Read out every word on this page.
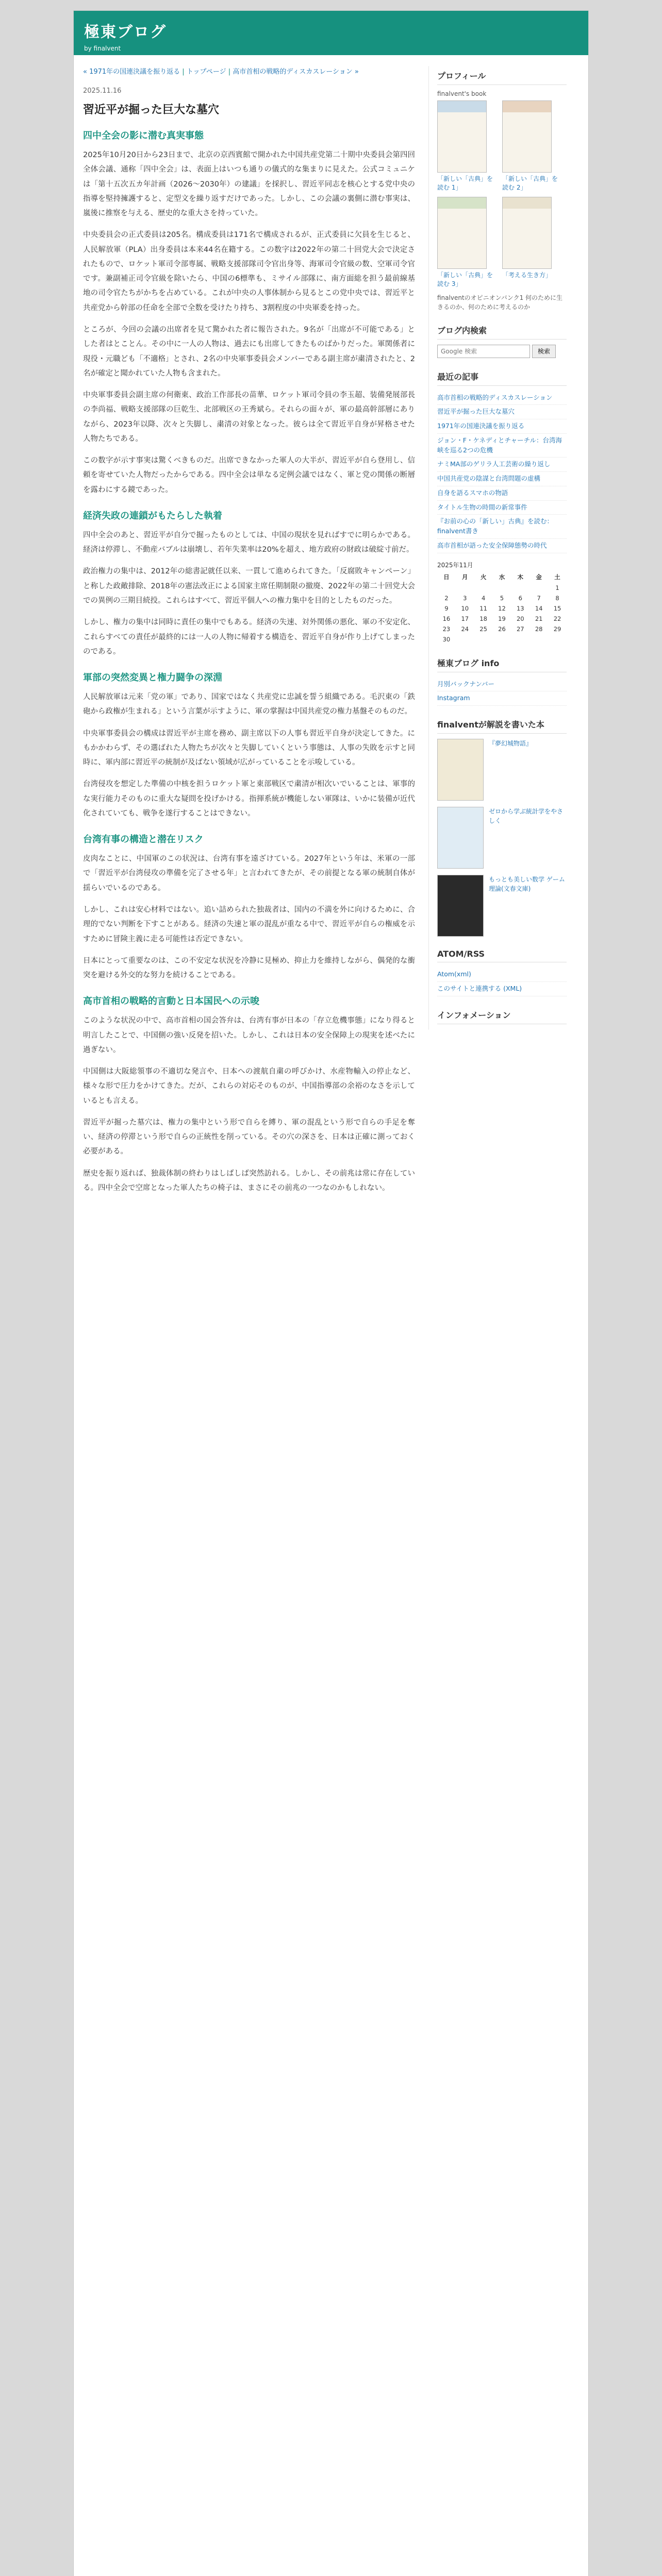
極東ブログ
by finalvent
« 1971年の国連決議を振り返る | トップページ | 高市首相の戦略的ディスカスレーション »
2025.11.16
習近平が掘った巨大な墓穴
四中全会の影に潜む真実事態

2025年10月20日から23日まで、北京の京西賓館で開かれた中国共産党第二十期中央委員会第四回全体会議、通称「四中全会」は、表面上はいつも通りの儀式的な集まりに見えた。公式コミュニケは「第十五次五カ年計画（2026〜2030年）の建議」を採択し、習近平同志を核心とする党中央の指導を堅持擁護すると、定型文を繰り返すだけであった。しかし、この会議の裏側に潜む事実は、嵐後に推察を与える、歴史的な重大さを持っていた。

中央委員会の正式委員は205名。構成委員は171名で構成されるが、正式委員に欠員を生じると、人民解放軍（PLA）出身委員は本来44名在籍する。この数字は2022年の第二十回党大会で決定されたもので、ロケット軍司令部専属、戦略支援部隊司令官出身等、海軍司令官級の数、空軍司令官です。兼副補正司令官級を除いたら、中国の6標準も、ミサイル部隊に、南方面総を担う最前線基地の司令官たちがかちを占めている。これが中央の人事体制から見るとこの党中央では、習近平と共産党から幹部の任命を全部で全数を受けたり持ち、3割程度の中央軍委を持った。

ところが、今回の会議の出席者を見て驚かれた者に報告された。9名が「出席が不可能である」とした者はとことん。その中に一人の人物は、過去にも出席してきたものばかりだった。軍関係者に現役・元職ども「不適格」とされ、2名の中央軍事委員会メンバーである副主席が粛清されたと、2名が確定と聞かれていた人物も含まれた。

中央軍事委員会副主席の何衛東、政治工作部長の苗華、ロケット軍司令員の李玉超、装備発展部長の李尚福、戦略支援部隊の巨乾生、北部戦区の王秀斌ら。それらの面々が、軍の最高幹部層にありながら、2023年以降、次々と失脚し、粛清の対象となった。彼らは全て習近平自身が昇格させた人物たちである。

この数字が示す事実は驚くべきものだ。出席できなかった軍人の大半が、習近平が自ら登用し、信頼を寄せていた人物だったからである。四中全会は単なる定例会議ではなく、軍と党の関係の断層を露わにする鏡であった。

経済失政の連鎖がもたらした執着

四中全会のあと、習近平が自分で掘ったものとしては、中国の現状を見ればすでに明らかである。経済は停滞し、不動産バブルは崩壊し、若年失業率は20%を超え、地方政府の財政は破綻寸前だ。

政治権力の集中は、2012年の総書記就任以来、一貫して進められてきた。「反腐敗キャンペーン」と称した政敵排除、2018年の憲法改正による国家主席任期制限の撤廃、2022年の第二十回党大会での異例の三期目続投。これらはすべて、習近平個人への権力集中を目的としたものだった。

しかし、権力の集中は同時に責任の集中でもある。経済の失速、対外関係の悪化、軍の不安定化、これらすべての責任が最終的には一人の人物に帰着する構造を、習近平自身が作り上げてしまったのである。

軍部の突然変異と権力闘争の深淵

人民解放軍は元来「党の軍」であり、国家ではなく共産党に忠誠を誓う組織である。毛沢東の「鉄砲から政権が生まれる」という言葉が示すように、軍の掌握は中国共産党の権力基盤そのものだ。

中央軍事委員会の構成は習近平が主席を務め、副主席以下の人事も習近平自身が決定してきた。にもかかわらず、その選ばれた人物たちが次々と失脚していくという事態は、人事の失敗を示すと同時に、軍内部に習近平の統制が及ばない領域が広がっていることを示唆している。

台湾侵攻を想定した準備の中核を担うロケット軍と東部戦区で粛清が相次いでいることは、軍事的な実行能力そのものに重大な疑問を投げかける。指揮系統が機能しない軍隊は、いかに装備が近代化されていても、戦争を遂行することはできない。

台湾有事の構造と潜在リスク

皮肉なことに、中国軍のこの状況は、台湾有事を遠ざけている。2027年という年は、米軍の一部で「習近平が台湾侵攻の準備を完了させる年」と言われてきたが、その前提となる軍の統制自体が揺らいでいるのである。

しかし、これは安心材料ではない。追い詰められた独裁者は、国内の不満を外に向けるために、合理的でない判断を下すことがある。経済の失速と軍の混乱が重なる中で、習近平が自らの権威を示すために冒険主義に走る可能性は否定できない。

日本にとって重要なのは、この不安定な状況を冷静に見極め、抑止力を維持しながら、偶発的な衝突を避ける外交的な努力を続けることである。

高市首相の戦略的言動と日本国民への示唆

このような状況の中で、高市首相の国会答弁は、台湾有事が日本の「存立危機事態」になり得ると明言したことで、中国側の強い反発を招いた。しかし、これは日本の安全保障上の現実を述べたに過ぎない。

中国側は大阪総領事の不適切な発言や、日本への渡航自粛の呼びかけ、水産物輸入の停止など、様々な形で圧力をかけてきた。だが、これらの対応そのものが、中国指導部の余裕のなさを示しているとも言える。

習近平が掘った墓穴は、権力の集中という形で自らを縛り、軍の混乱という形で自らの手足を奪い、経済の停滞という形で自らの正統性を削っている。その穴の深さを、日本は正確に測っておく必要がある。

歴史を振り返れば、独裁体制の終わりはしばしば突然訪れる。しかし、その前兆は常に存在している。四中全会で空席となった軍人たちの椅子は、まさにその前兆の一つなのかもしれない。

プロフィール
finalvent's book
「新しい「古典」を読む 1」
「新しい「古典」を読む 2」
「新しい「古典」を読む 3」
「考える生き方」
finalventのオピニオンバンク1 何のために生きるのか、何のために考えるのか
ブログ内検索
Google 検索
検索
最近の記事
高市首相の戦略的ディスカスレーション
習近平が掘った巨大な墓穴
1971年の国連決議を振り返る
ジョン・F・ケネディとチャーチル：台湾海峡を巡る2つの危機
ナミMA部のゲリラ人工芸術の繰り返し
中国共産党の陰謀と台湾問題の虚構
自身を語るスマホの物語
タイトル生物の時間の新常事件
『お前の心の「新しい」古典』を読む：finalvent書き
高市首相が語った安全保障態勢の時代
2025年11月
日	月	火	水	木	金	土
						1
2	3	4	5	6	7	8
9	10	11	12	13	14	15
16	17	18	19	20	21	22
23	24	25	26	27	28	29
30						
極東ブログ info
月別バックナンバー
Instagram
finalventが解説を書いた本
『夢幻城物語』
ゼロから学ぶ統計学をやさしく
もっとも美しい数学 ゲーム理論(文春文庫)
ATOM/RSS
Atom(xml)
このサイトと連携する (XML)
インフォメーション
